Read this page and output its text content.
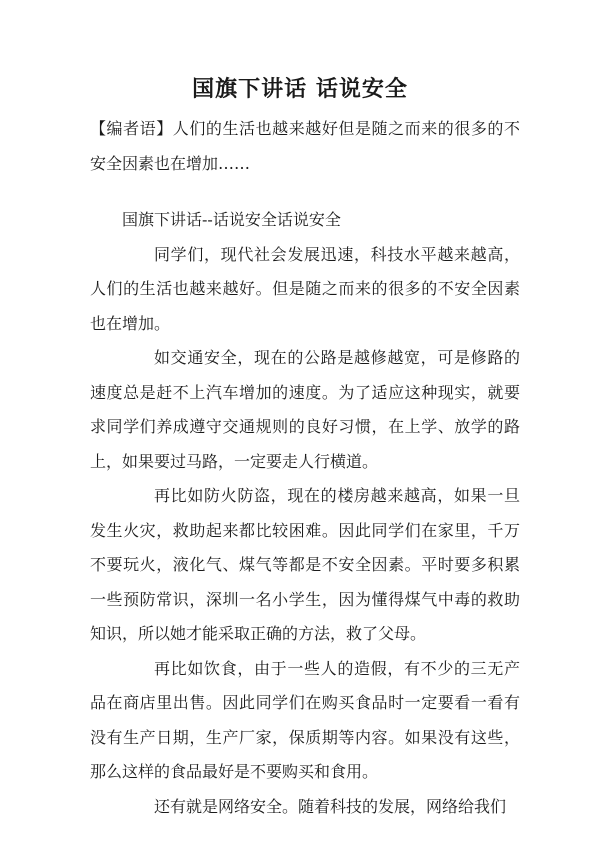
国旗下讲话 话说安全
【编者语】人们的生活也越来越好但是随之而来的很多的不安全因素也在增加……

国旗下讲话--话说安全话说安全

同学们，现代社会发展迅速，科技水平越来越高，人们的生活也越来越好。但是随之而来的很多的不安全因素也在增加。

如交通安全，现在的公路是越修越宽，可是修路的速度总是赶不上汽车增加的速度。为了适应这种现实，就要求同学们养成遵守交通规则的良好习惯，在上学、放学的路上，如果要过马路，一定要走人行横道。

再比如防火防盗，现在的楼房越来越高，如果一旦发生火灾，救助起来都比较困难。因此同学们在家里，千万不要玩火，液化气、煤气等都是不安全因素。平时要多积累一些预防常识，深圳一名小学生，因为懂得煤气中毒的救助知识，所以她才能采取正确的方法，救了父母。

再比如饮食，由于一些人的造假，有不少的三无产品在商店里出售。因此同学们在购买食品时一定要看一看有没有生产日期，生产厂家，保质期等内容。如果没有这些，那么这样的食品最好是不要购买和食用。

还有就是网络安全。随着科技的发展，网络给我们
